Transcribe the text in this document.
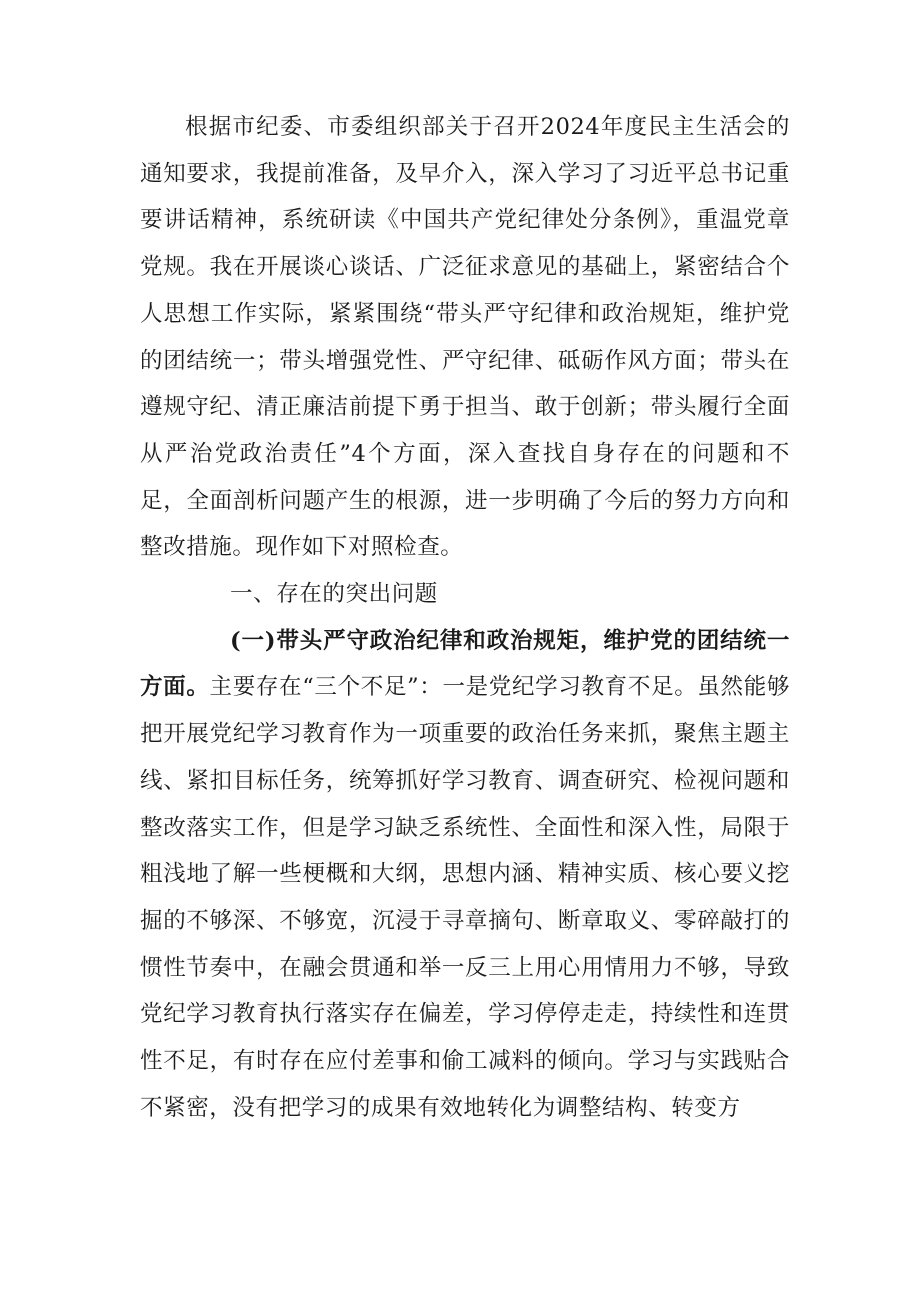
根据市纪委、市委组织部关于召开2024年度民主生活会的通知要求，我提前准备，及早介入，深入学习了习近平总书记重要讲话精神，系统研读《中国共产党纪律处分条例》，重温党章党规。我在开展谈心谈话、广泛征求意见的基础上，紧密结合个人思想工作实际，紧紧围绕“带头严守纪律和政治规矩，维护党的团结统一；带头增强党性、严守纪律、砥砺作风方面；带头在遵规守纪、清正廉洁前提下勇于担当、敢于创新；带头履行全面从严治党政治责任”4个方面，深入查找自身存在的问题和不足，全面剖析问题产生的根源，进一步明确了今后的努力方向和整改措施。现作如下对照检查。

一、存在的突出问题

(一)带头严守政治纪律和政治规矩，维护党的团结统一方面。主要存在“三个不足”：一是党纪学习教育不足。虽然能够把开展党纪学习教育作为一项重要的政治任务来抓，聚焦主题主线、紧扣目标任务，统筹抓好学习教育、调查研究、检视问题和整改落实工作，但是学习缺乏系统性、全面性和深入性，局限于粗浅地了解一些梗概和大纲，思想内涵、精神实质、核心要义挖掘的不够深、不够宽，沉浸于寻章摘句、断章取义、零碎敲打的惯性节奏中，在融会贯通和举一反三上用心用情用力不够，导致党纪学习教育执行落实存在偏差，学习停停走走，持续性和连贯性不足，有时存在应付差事和偷工减料的倾向。学习与实践贴合不紧密，没有把学习的成果有效地转化为调整结构、转变方
